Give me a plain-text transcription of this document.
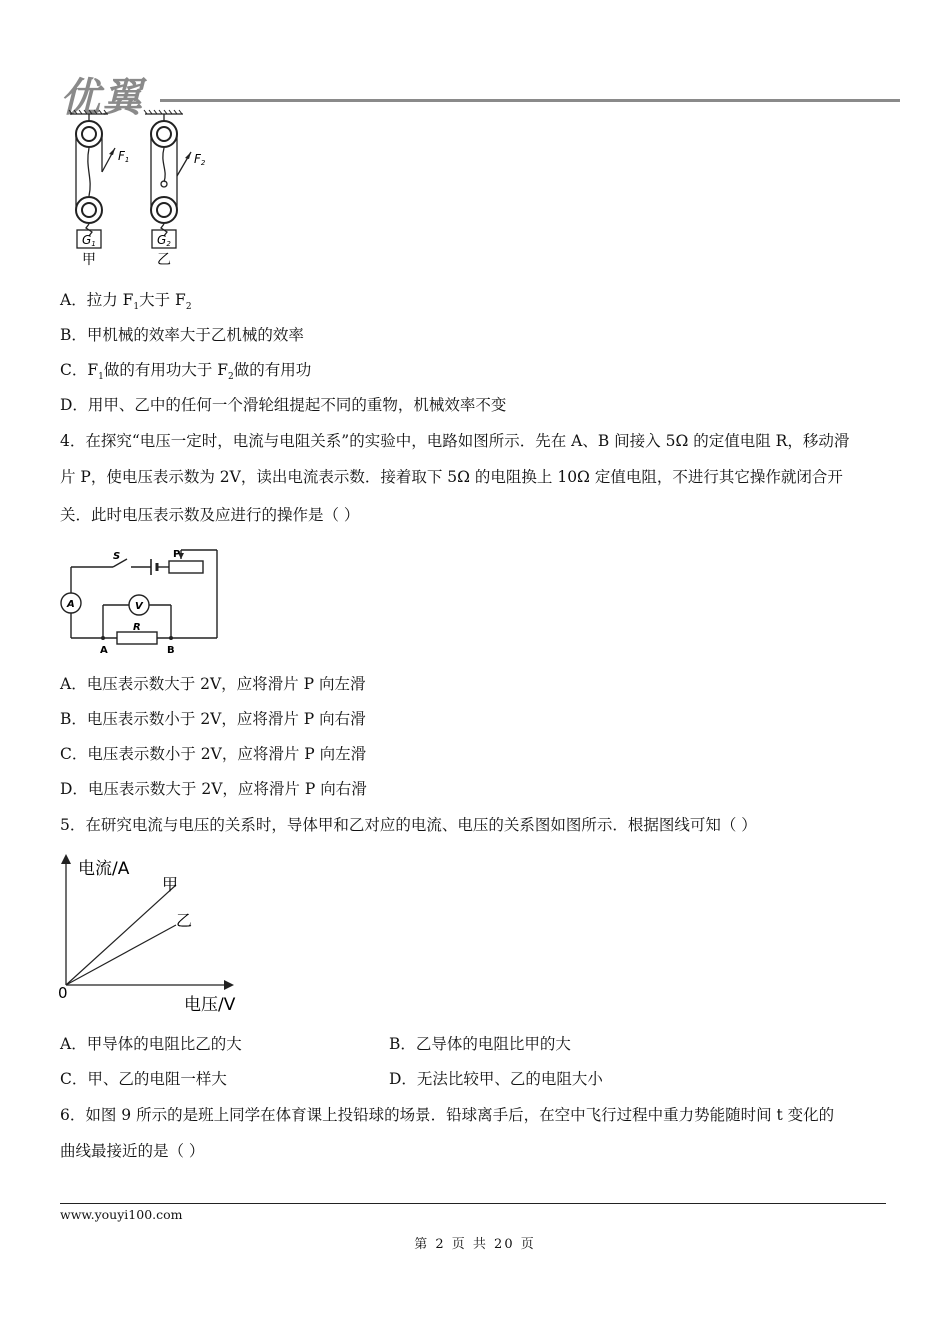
优翼
F1	F2
G1	G2
甲	乙
A．拉力 $F_1$大于 $F_2$
B．甲机械的效率大于乙机械的效率
C．$F_1$做的有用功大于 $F_2$做的有用功
D．用甲、乙中的任何一个滑轮组提起不同的重物，机械效率不变
4．在探究“电压一定时，电流与电阻关系”的实验中，电路如图所示．先在 A、B 间接入 5Ω 的定值电阻 R，移动滑
片 P，使电压表示数为 2V，读出电流表示数．接着取下 5Ω 的电阻换上 10Ω 定值电阻，不进行其它操作就闭合开
关．此时电压表示数及应进行的操作是（ ）
S	P
A	V
R
A	B
A．电压表示数大于 2V，应将滑片 P 向左滑
B．电压表示数小于 2V，应将滑片 P 向右滑
C．电压表示数小于 2V，应将滑片 P 向左滑
D．电压表示数大于 2V，应将滑片 P 向右滑
5．在研究电流与电压的关系时，导体甲和乙对应的电流、电压的关系图如图所示．根据图线可知（ ）
电流/A
电压/V
0
甲
乙
A．甲导体的电阻比乙的大	B．乙导体的电阻比甲的大
C．甲、乙的电阻一样大	D．无法比较甲、乙的电阻大小
6．如图 9 所示的是班上同学在体育课上投铅球的场景．铅球离手后，在空中飞行过程中重力势能随时间 t 变化的
曲线最接近的是（ ）
www.youyi100.com
第 2 页 共 20 页
